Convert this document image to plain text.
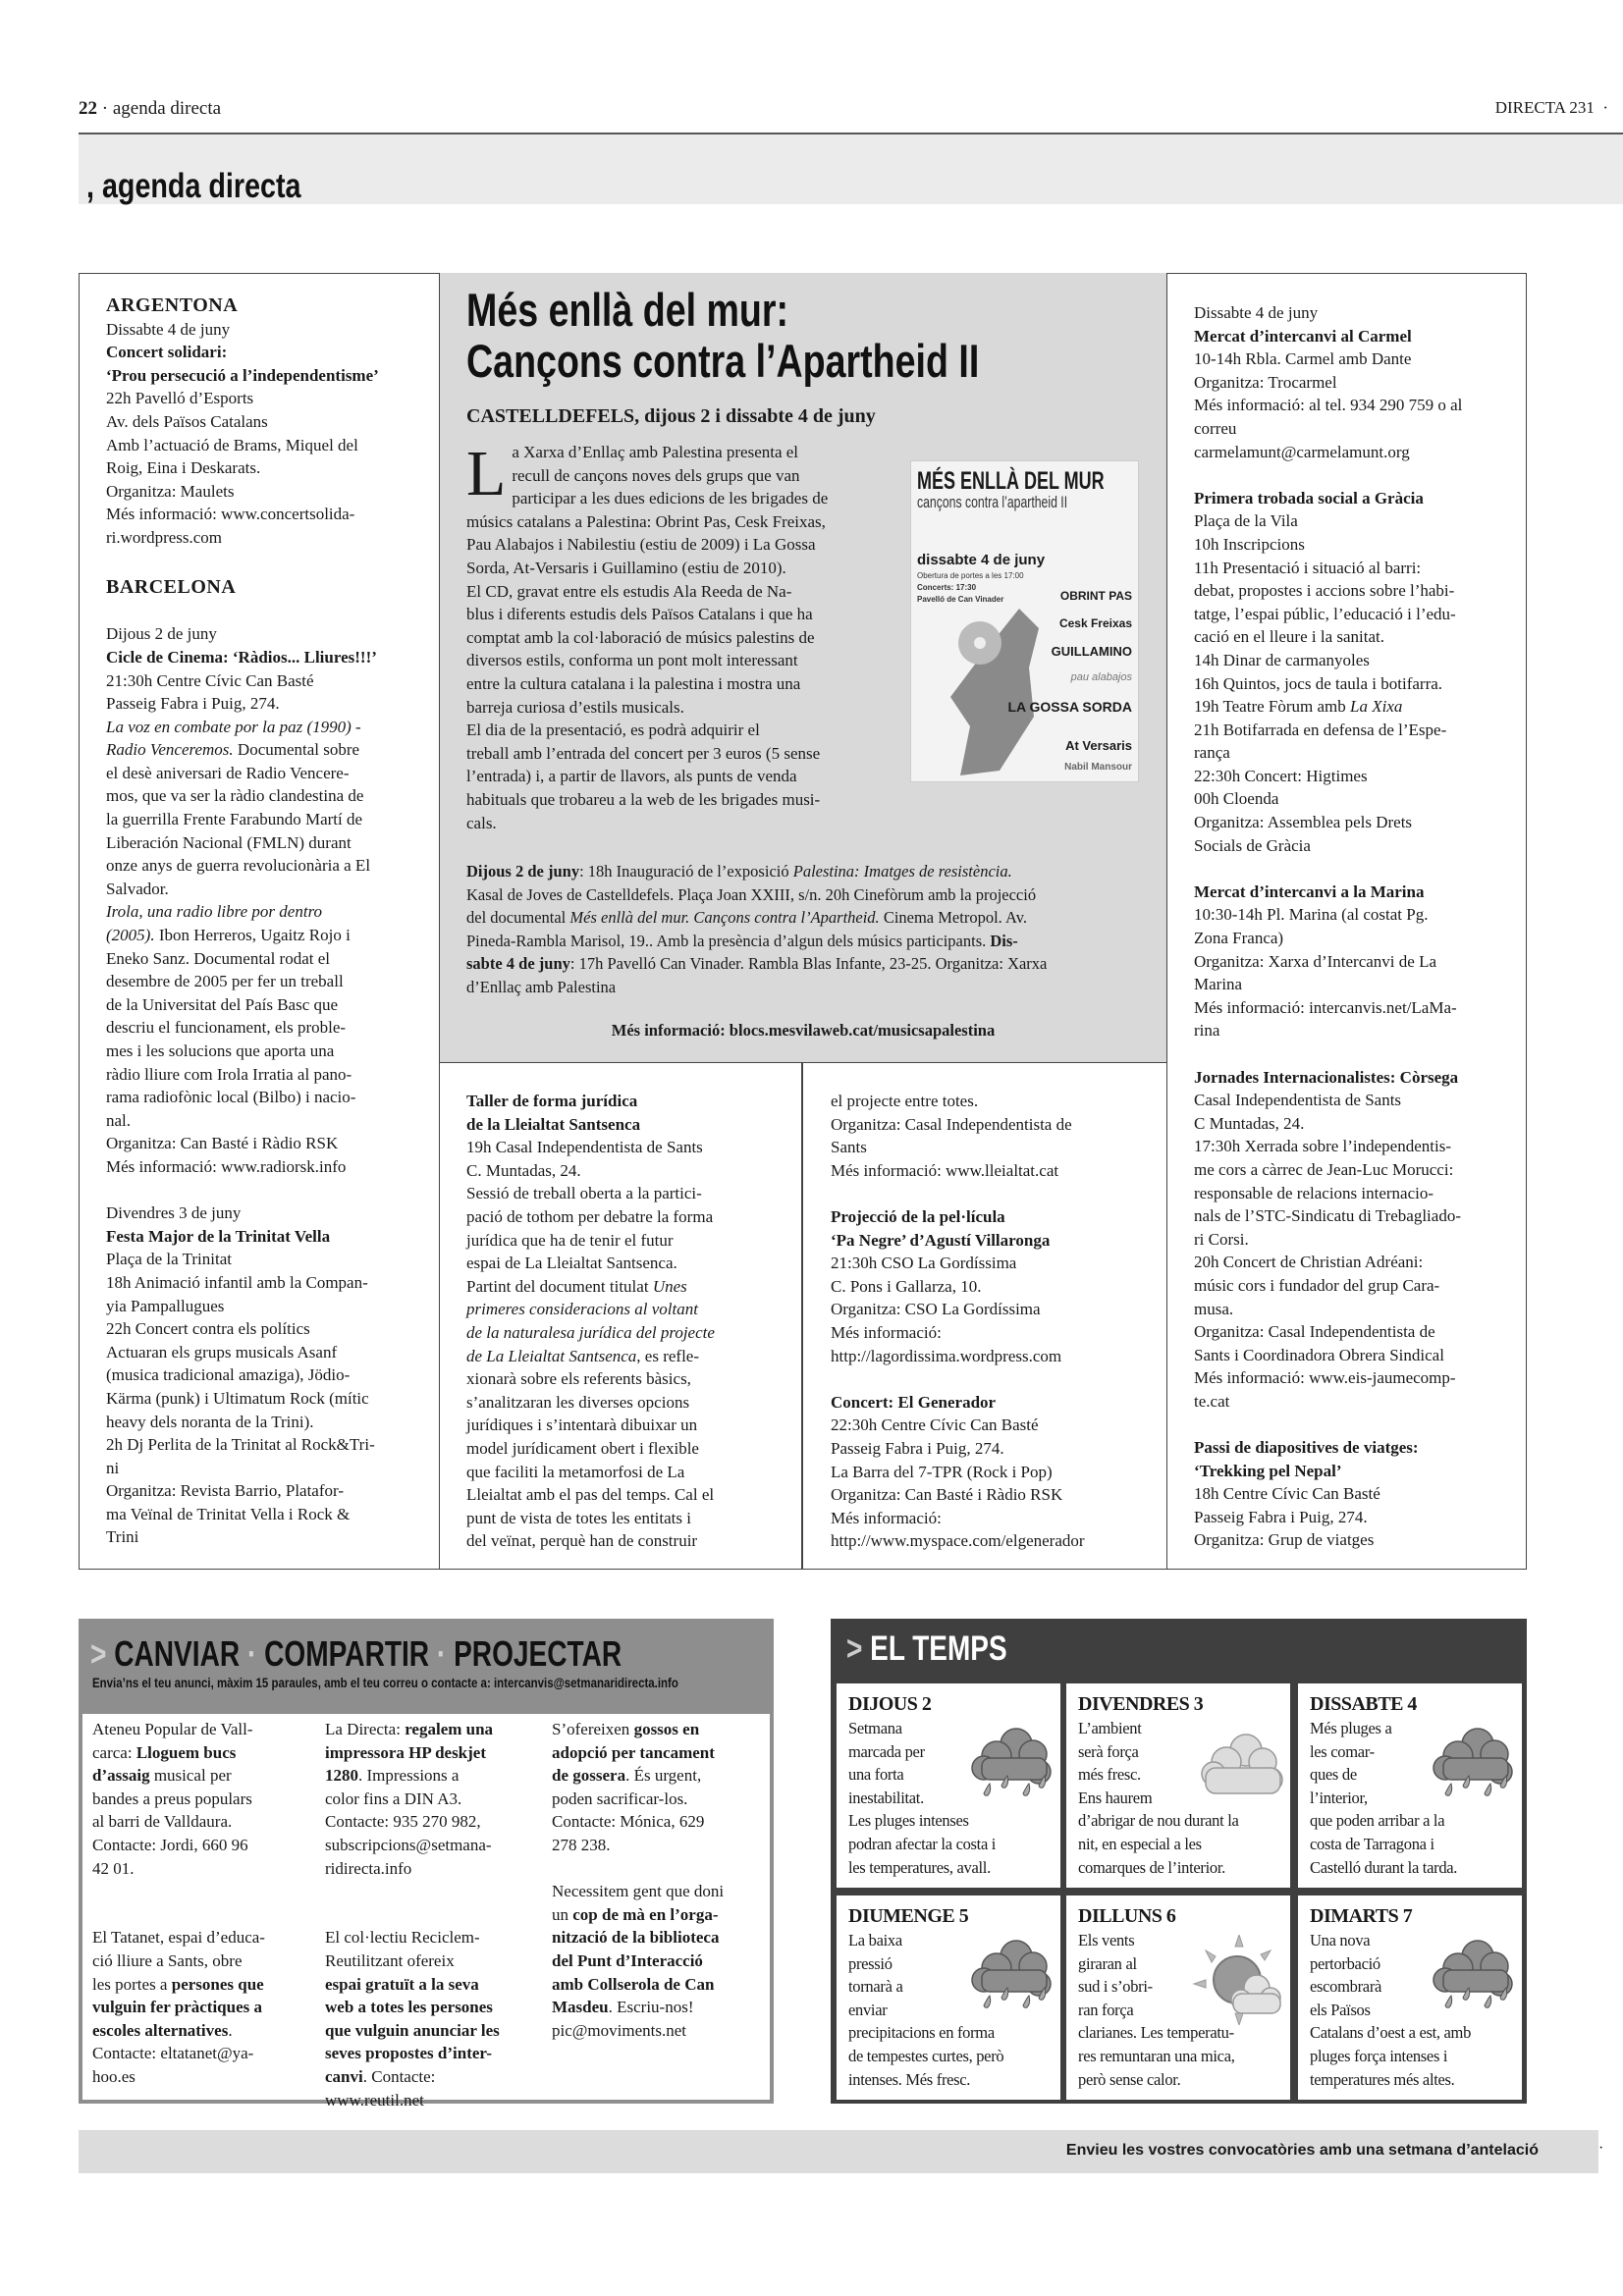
22 · agenda directa	DIRECTA 231  ·
, agenda directa
ARGENTONA
Dissabte 4 de juny
Concert solidari:
‘Prou persecució a l’independentisme’
22h Pavelló d’Esports
Av. dels Països Catalans
Amb l’actuació de Brams, Miquel del
Roig, Eina i Deskarats.
Organitza: Maulets
Més informació: www.concertsolida-
ri.wordpress.com
BARCELONA
Dijous 2 de juny
Cicle de Cinema: ‘Ràdios... Lliures!!!’
21:30h Centre Cívic Can Basté
Passeig Fabra i Puig, 274.
La voz en combate por la paz (1990) -
Radio Venceremos. Documental sobre
el desè aniversari de Radio Vencere-
mos, que va ser la ràdio clandestina de
la guerrilla Frente Farabundo Martí de
Liberación Nacional (FMLN) durant
onze anys de guerra revolucionària a El
Salvador.
Irola, una radio libre por dentro
(2005). Ibon Herreros, Ugaitz Rojo i
Eneko Sanz. Documental rodat el
desembre de 2005 per fer un treball
de la Universitat del País Basc que
descriu el funcionament, els proble-
mes i les solucions que aporta una
ràdio lliure com Irola Irratia al pano-
rama radiofònic local (Bilbo) i nacio-
nal.
Organitza: Can Basté i Ràdio RSK
Més informació: www.radiorsk.info
Divendres 3 de juny
Festa Major de la Trinitat Vella
Plaça de la Trinitat
18h Animació infantil amb la Compan-
yia Pampallugues
22h Concert contra els polítics
Actuaran els grups musicals Asanf
(musica tradicional amaziga), Jödio-
Kärma (punk) i Ultimatum Rock (mític
heavy dels noranta de la Trini).
2h Dj Perlita de la Trinitat al Rock&Tri-
ni
Organitza: Revista Barrio, Platafor-
ma Veïnal de Trinitat Vella i Rock &
Trini
Més enllà del mur:
Cançons contra l’Apartheid II
CASTELLDEFELS, dijous 2 i dissabte 4 de juny
L a Xarxa d’Enllaç amb Palestina presenta el
recull de cançons noves dels grups que van
participar a les dues edicions de les brigades de
músics catalans a Palestina: Obrint Pas, Cesk Freixas,
Pau Alabajos i Nabilestiu (estiu de 2009) i La Gossa
Sorda, At-Versaris i Guillamino (estiu de 2010).
El CD, gravat entre els estudis Ala Reeda de Na-
blus i diferents estudis dels Països Catalans i que ha
comptat amb la col·laboració de músics palestins de
diversos estils, conforma un pont molt interessant
entre la cultura catalana i la palestina i mostra una
barreja curiosa d’estils musicals.
El dia de la presentació, es podrà adquirir el
treball amb l’entrada del concert per 3 euros (5 sense
l’entrada) i, a partir de llavors, als punts de venda
habituals que trobareu a la web de les brigades musi-
cals.
MÉS ENLLÀ DEL MUR
cançons contra l’apartheid II
dissabte 4 de juny
Obertura de portes a les 17:00
Concerts: 17:30
Pavelló de Can Vinader	OBRINT PAS
Cesk Freixas
GUILLAMINO
pau alabajos
LA GOSSA SORDA
At Versaris
Nabil Mansour
Dijous 2 de juny: 18h Inauguració de l’exposició Palestina: Imatges de resistència.
Kasal de Joves de Castelldefels. Plaça Joan XXIII, s/n. 20h Cinefòrum amb la projecció
del documental Més enllà del mur. Cançons contra l’Apartheid. Cinema Metropol. Av.
Pineda-Rambla Marisol, 19.. Amb la presència d’algun dels músics participants. Dis-
sabte 4 de juny: 17h Pavelló Can Vinader. Rambla Blas Infante, 23-25. Organitza: Xarxa
d’Enllaç amb Palestina
Més informació: blocs.mesvilaweb.cat/musicsapalestina
Taller de forma jurídica
de la Lleialtat Santsenca
19h Casal Independentista de Sants
C. Muntadas, 24.
Sessió de treball oberta a la partici-
pació de tothom per debatre la forma
jurídica que ha de tenir el futur
espai de La Lleialtat Santsenca.
Partint del document titulat Unes
primeres consideracions al voltant
de la naturalesa jurídica del projecte
de La Lleialtat Santsenca, es refle-
xionarà sobre els referents bàsics,
s’analitzaran les diverses opcions
jurídiques i s’intentarà dibuixar un
model jurídicament obert i flexible
que faciliti la metamorfosi de La
Lleialtat amb el pas del temps. Cal el
punt de vista de totes les entitats i
del veïnat, perquè han de construir
el projecte entre totes.
Organitza: Casal Independentista de
Sants
Més informació: www.lleialtat.cat
Projecció de la pel·lícula
‘Pa Negre’ d’Agustí Villaronga
21:30h CSO La Gordíssima
C. Pons i Gallarza, 10.
Organitza: CSO La Gordíssima
Més informació:
http://lagordissima.wordpress.com
Concert: El Generador
22:30h Centre Cívic Can Basté
Passeig Fabra i Puig, 274.
La Barra del 7-TPR (Rock i Pop)
Organitza: Can Basté i Ràdio RSK
Més informació:
http://www.myspace.com/elgenerador
Dissabte 4 de juny
Mercat d’intercanvi al Carmel
10-14h Rbla. Carmel amb Dante
Organitza: Trocarmel
Més informació: al tel. 934 290 759 o al
correu
carmelamunt@carmelamunt.org
Primera trobada social a Gràcia
Plaça de la Vila
10h Inscripcions
11h Presentació i situació al barri:
debat, propostes i accions sobre l’habi-
tatge, l’espai públic, l’educació i l’edu-
cació en el lleure i la sanitat.
14h Dinar de carmanyoles
16h Quintos, jocs de taula i botifarra.
19h Teatre Fòrum amb La Xixa
21h Botifarrada en defensa de l’Espe-
rança
22:30h Concert: Higtimes
00h Cloenda
Organitza: Assemblea pels Drets
Socials de Gràcia
Mercat d’intercanvi a la Marina
10:30-14h Pl. Marina (al costat Pg.
Zona Franca)
Organitza: Xarxa d’Intercanvi de La
Marina
Més informació: intercanvis.net/LaMa-
rina
Jornades Internacionalistes: Còrsega
Casal Independentista de Sants
C Muntadas, 24.
17:30h Xerrada sobre l’independentis-
me cors a càrrec de Jean-Luc Morucci:
responsable de relacions internacio-
nals de l’STC-Sindicatu di Trebagliado-
ri Corsi.
20h Concert de Christian Adréani:
músic cors i fundador del grup Cara-
musa.
Organitza: Casal Independentista de
Sants i Coordinadora Obrera Sindical
Més informació: www.eis-jaumecomp-
te.cat
Passi de diapositives de viatges:
‘Trekking pel Nepal’
18h Centre Cívic Can Basté
Passeig Fabra i Puig, 274.
Organitza: Grup de viatges
> CANVIAR · COMPARTIR · PROJECTAR
Envia’ns el teu anunci, màxim 15 paraules, amb el teu correu o contacte a: intercanvis@setmanaridirecta.info
Ateneu Popular de Vall-
carca: Lloguem bucs
d’assaig musical per
bandes a preus populars
al barri de Valldaura.
Contacte: Jordi, 660 96
42 01.
El Tatanet, espai d’educa-
ció lliure a Sants, obre
les portes a persones que
vulguin fer pràctiques a
escoles alternatives.
Contacte: eltatanet@ya-
hoo.es
La Directa: regalem una
impressora HP deskjet
1280. Impressions a
color fins a DIN A3.
Contacte: 935 270 982,
subscripcions@setmana-
ridirecta.info
El col·lectiu Reciclem-
Reutilitzant ofereix
espai gratuït a la seva
web a totes les persones
que vulguin anunciar les
seves propostes d’inter-
canvi. Contacte:
www.reutil.net
S’ofereixen gossos en
adopció per tancament
de gossera. És urgent,
poden sacrificar-los.
Contacte: Mónica, 629
278 238.
Necessitem gent que doni
un cop de mà en l’orga-
nització de la biblioteca
del Punt d’Interacció
amb Collserola de Can
Masdeu. Escriu-nos!
pic@moviments.net
> EL TEMPS
DIJOUS 2
Setmana
marcada per
una forta
inestabilitat.
Les pluges intenses
podran afectar la costa i
les temperatures, avall.
DIVENDRES 3
L’ambient
serà força
més fresc.
Ens haurem
d’abrigar de nou durant la
nit, en especial a les
comarques de l’interior.
DISSABTE 4
Més pluges a
les comar-
ques de
l’interior,
que poden arribar a la
costa de Tarragona i
Castelló durant la tarda.
DIUMENGE 5
La baixa
pressió
tornarà a
enviar
precipitacions en forma
de tempestes curtes, però
intenses. Més fresc.
DILLUNS 6
Els vents
giraran al
sud i s’obri-
ran força
clarianes. Les temperatu-
res remuntaran una mica,
però sense calor.
DIMARTS 7
Una nova
pertorbació
escombrarà
els Països
Catalans d’oest a est, amb
pluges força intenses i
temperatures més altes.
Envieu les vostres convocatòries amb una setmana d’antelació	·
